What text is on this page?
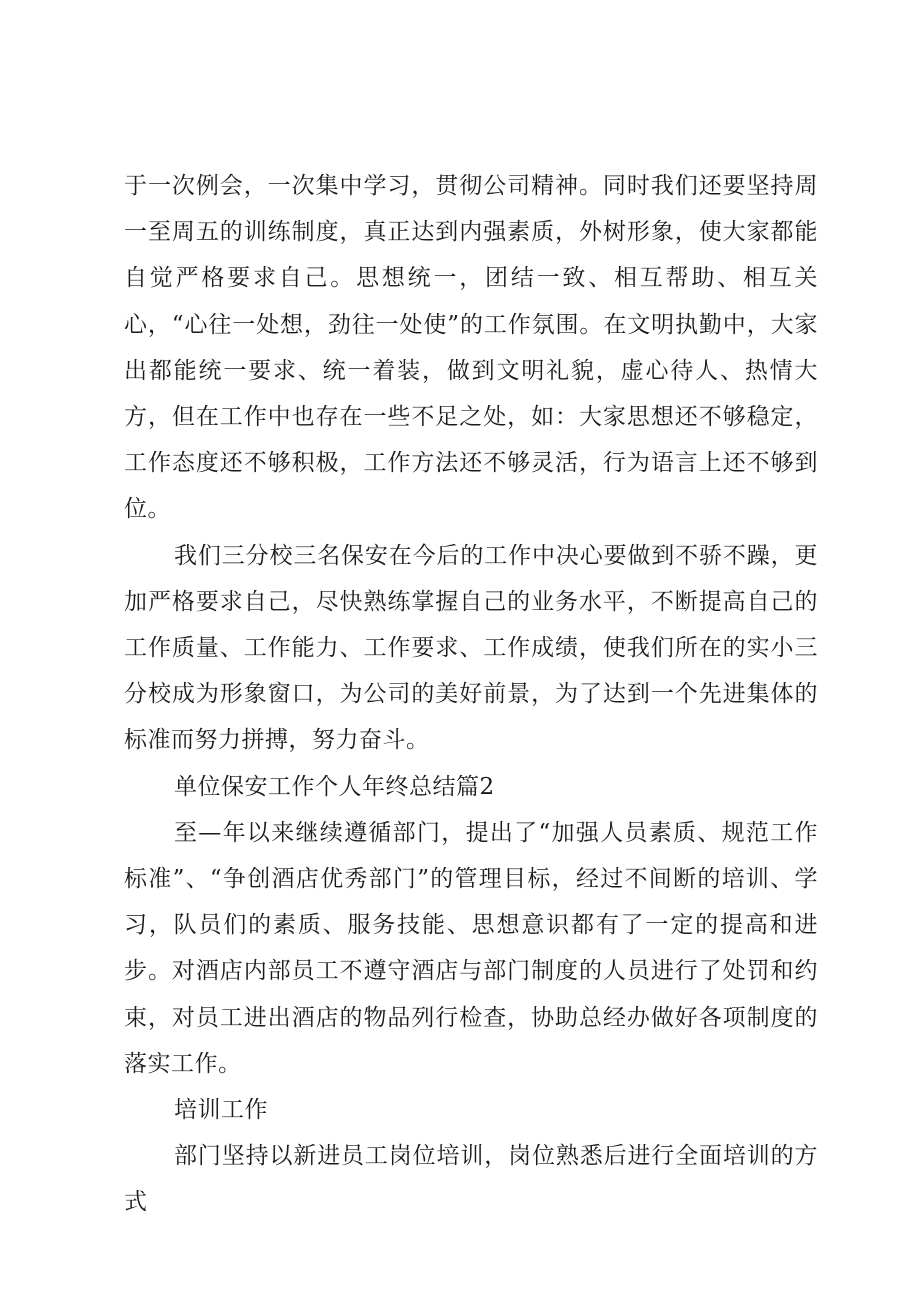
于一次例会，一次集中学习，贯彻公司精神。同时我们还要坚持周一至周五的训练制度，真正达到内强素质，外树形象，使大家都能自觉严格要求自己。思想统一，团结一致、相互帮助、相互关心，“心往一处想，劲往一处使”的工作氛围。在文明执勤中，大家出都能统一要求、统一着装，做到文明礼貌，虚心待人、热情大方，但在工作中也存在一些不足之处，如：大家思想还不够稳定，工作态度还不够积极，工作方法还不够灵活，行为语言上还不够到位。

我们三分校三名保安在今后的工作中决心要做到不骄不躁，更加严格要求自己，尽快熟练掌握自己的业务水平，不断提高自己的工作质量、工作能力、工作要求、工作成绩，使我们所在的实小三分校成为形象窗口，为公司的美好前景，为了达到一个先进集体的标准而努力拼搏，努力奋斗。

单位保安工作个人年终总结篇2

至—年以来继续遵循部门，提出了“加强人员素质、规范工作标准”、“争创酒店优秀部门”的管理目标，经过不间断的培训、学习，队员们的素质、服务技能、思想意识都有了一定的提高和进步。对酒店内部员工不遵守酒店与部门制度的人员进行了处罚和约束，对员工进出酒店的物品列行检查，协助总经办做好各项制度的落实工作。

培训工作

部门坚持以新进员工岗位培训，岗位熟悉后进行全面培训的方式
